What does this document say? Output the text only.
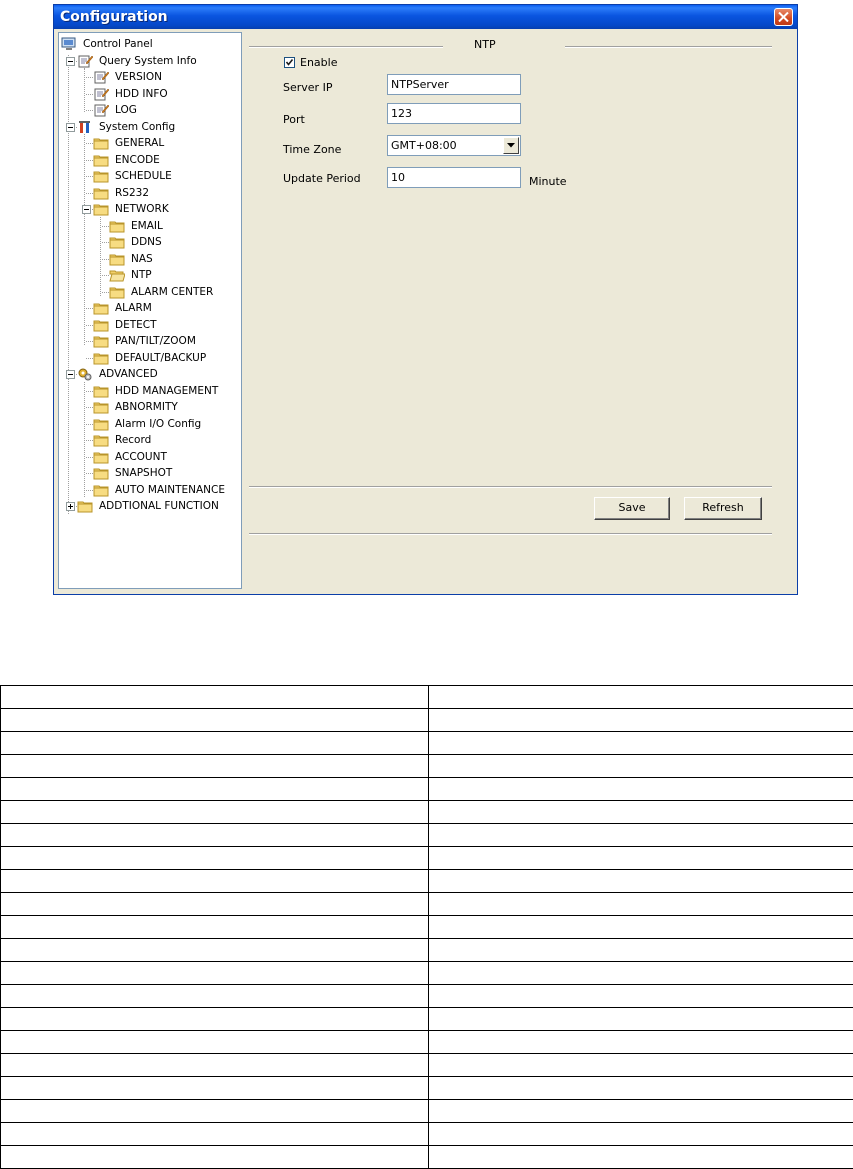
Configuration
Control Panel
Query System Info
VERSION
HDD INFO
LOG
System Config
GENERAL
ENCODE
SCHEDULE
RS232
NETWORK
EMAIL
DDNS
NAS
NTP
ALARM CENTER
ALARM
DETECT
PAN/TILT/ZOOM
DEFAULT/BACKUP
ADVANCED
HDD MANAGEMENT
ABNORMITY
Alarm I/O Config
Record
ACCOUNT
SNAPSHOT
AUTO MAINTENANCE
ADDTIONAL FUNCTION
NTP
Enable
Server IP	NTPServer
Port	123
Time Zone	GMT+08:00
Update Period	10	Minute
Save	Refresh
